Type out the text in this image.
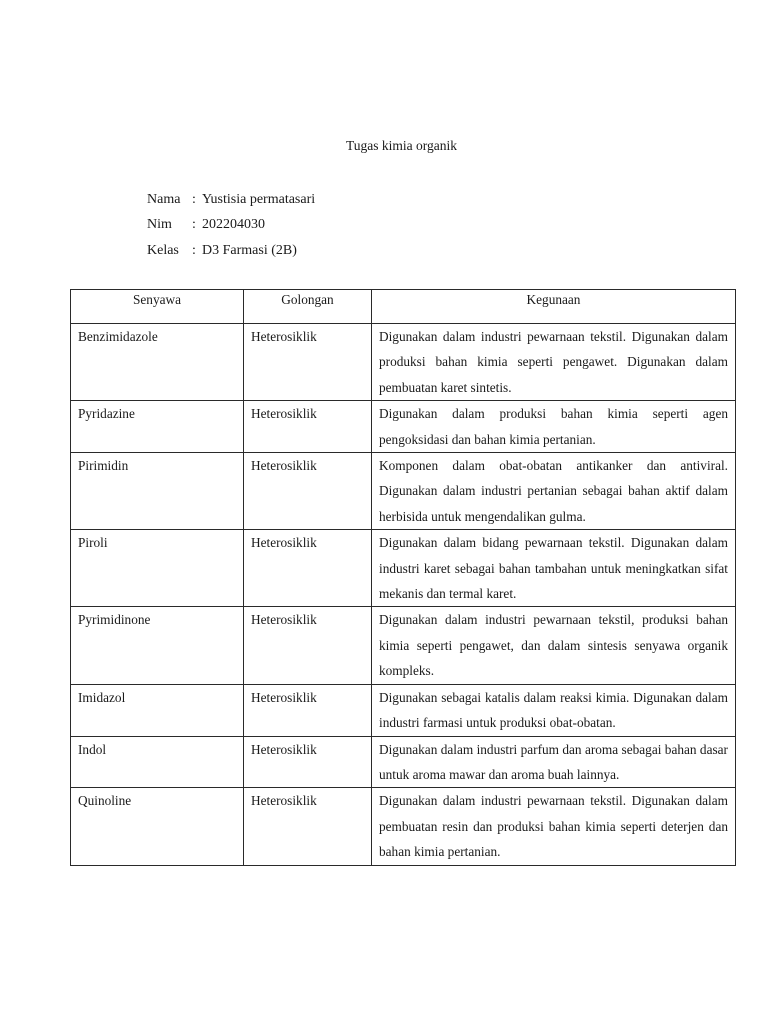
Tugas kimia organik
Nama : Yustisia permatasari
Nim	: 202204030
Kelas : D3 Farmasi (2B)
Senyawa	Golongan	Kegunaan
Benzimidazole	Heterosiklik	Digunakan dalam industri pewarnaan tekstil. Digunakan dalam produksi bahan kimia seperti pengawet. Digunakan dalam pembuatan karet sintetis.
Pyridazine	Heterosiklik	Digunakan dalam produksi bahan kimia seperti agen pengoksidasi dan bahan kimia pertanian.
Pirimidin	Heterosiklik	Komponen dalam obat-obatan antikanker dan antiviral. Digunakan dalam industri pertanian sebagai bahan aktif dalam herbisida untuk mengendalikan gulma.
Piroli	Heterosiklik	Digunakan dalam bidang pewarnaan tekstil. Digunakan dalam industri karet sebagai bahan tambahan untuk meningkatkan sifat mekanis dan termal karet.
Pyrimidinone	Heterosiklik	Digunakan dalam industri pewarnaan tekstil, produksi bahan kimia seperti pengawet, dan dalam sintesis senyawa organik kompleks.
Imidazol	Heterosiklik	Digunakan sebagai katalis dalam reaksi kimia. Digunakan dalam industri farmasi untuk produksi obat-obatan.
Indol	Heterosiklik	Digunakan dalam industri parfum dan aroma sebagai bahan dasar untuk aroma mawar dan aroma buah lainnya.
Quinoline	Heterosiklik	Digunakan dalam industri pewarnaan tekstil. Digunakan dalam pembuatan resin dan produksi bahan kimia seperti deterjen dan bahan kimia pertanian.
